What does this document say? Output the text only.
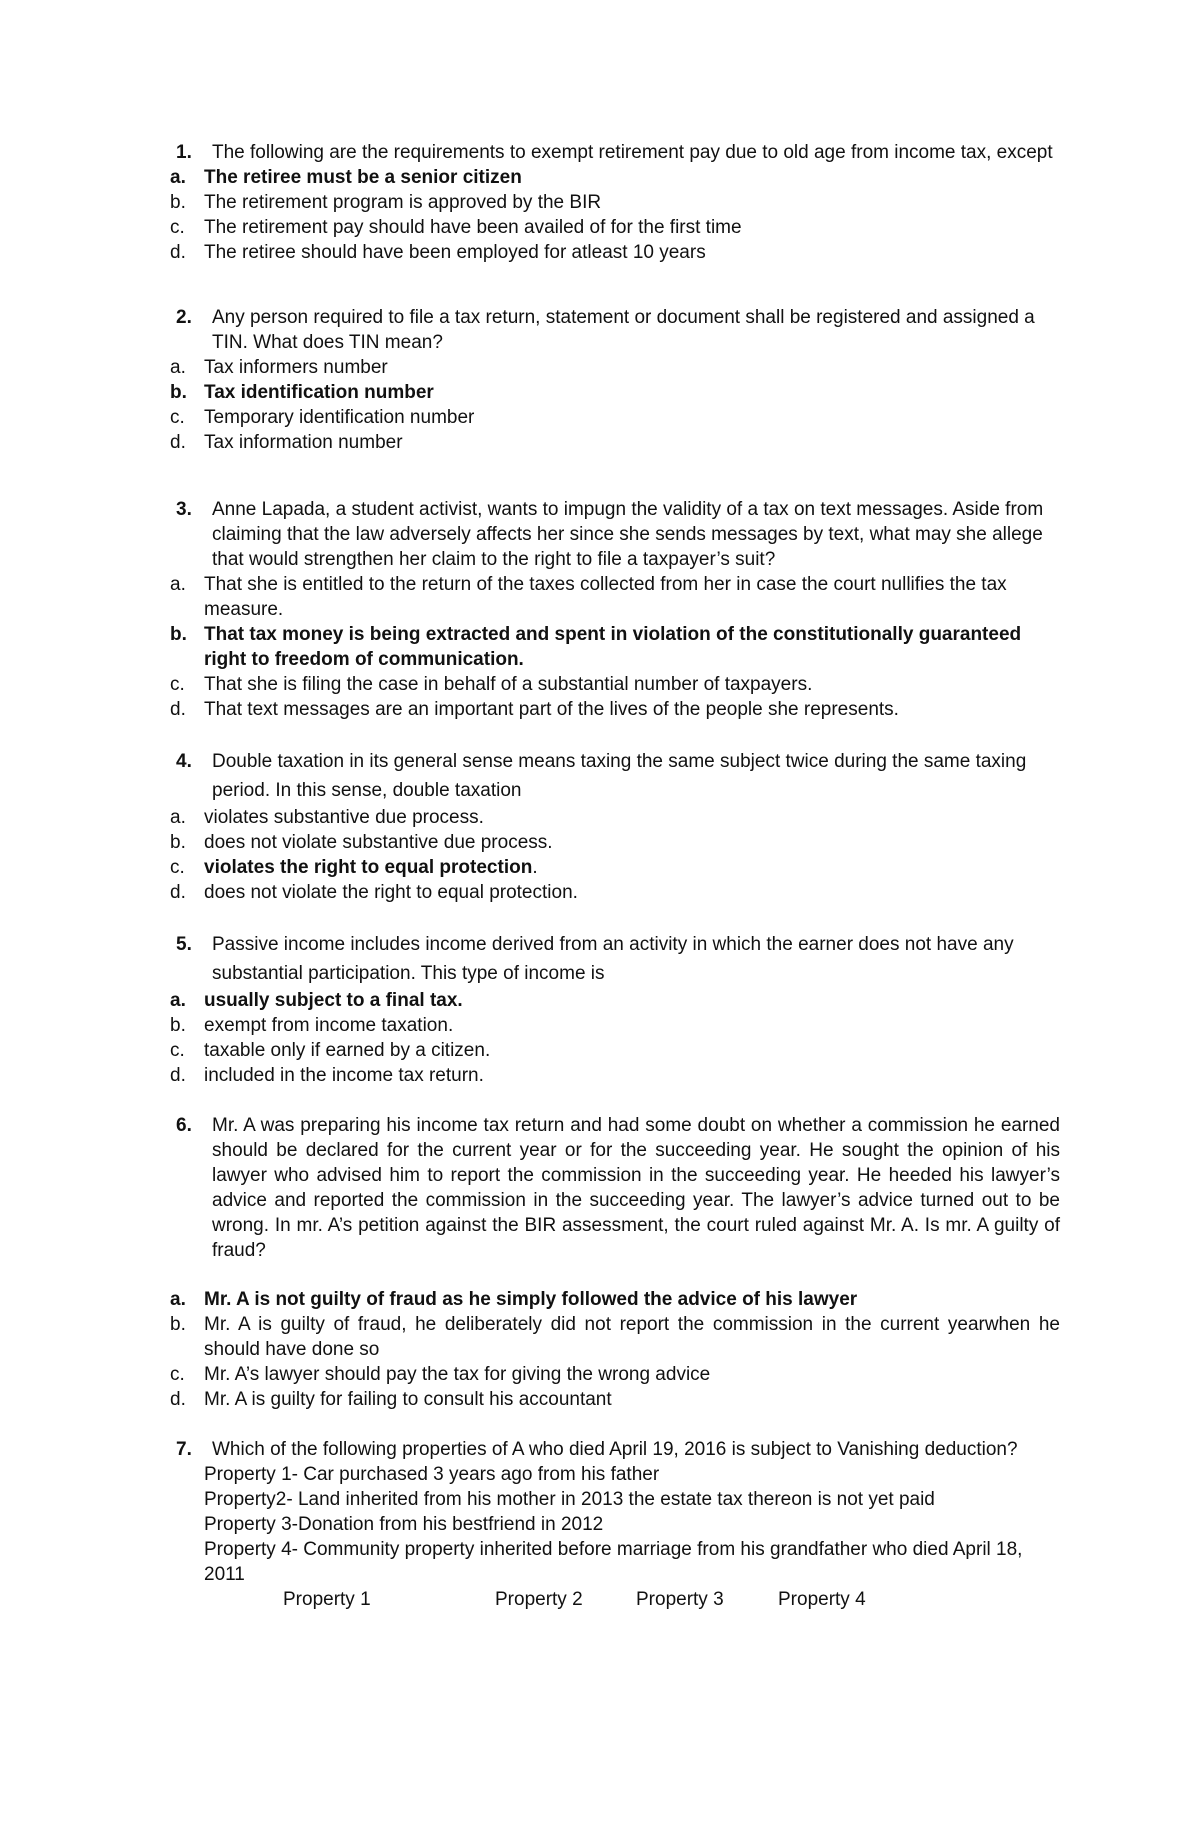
1. The following are the requirements to exempt retirement pay due to old age from income tax, except
a. The retiree must be a senior citizen
b. The retirement program is approved by the BIR
c. The retirement pay should have been availed of for the first time
d. The retiree should have been employed for atleast 10 years
2. Any person required to file a tax return, statement or document shall be registered and assigned a TIN. What does TIN mean?
a. Tax informers number
b. Tax identification number
c. Temporary identification number
d. Tax information number
3. Anne Lapada, a student activist, wants to impugn the validity of a tax on text messages. Aside from claiming that the law adversely affects her since she sends messages by text, what may she allege that would strengthen her claim to the right to file a taxpayer’s suit?
a. That she is entitled to the return of the taxes collected from her in case the court nullifies the tax measure.
b. That tax money is being extracted and spent in violation of the constitutionally guaranteed right to freedom of communication.
c. That she is filing the case in behalf of a substantial number of taxpayers.
d. That text messages are an important part of the lives of the people she represents.
4. Double taxation in its general sense means taxing the same subject twice during the same taxing period. In this sense, double taxation
a. violates substantive due process.
b. does not violate substantive due process.
c. violates the right to equal protection.
d. does not violate the right to equal protection.
5. Passive income includes income derived from an activity in which the earner does not have any substantial participation. This type of income is
a. usually subject to a final tax.
b. exempt from income taxation.
c. taxable only if earned by a citizen.
d. included in the income tax return.
6. Mr. A was preparing his income tax return and had some doubt on whether a commission he earned should be declared for the current year or for the succeeding year. He sought the opinion of his lawyer who advised him to report the commission in the succeeding year. He heeded his lawyer’s advice and reported the commission in the succeeding year. The lawyer’s advice turned out to be wrong. In mr. A’s petition against the BIR assessment, the court ruled against Mr. A. Is mr. A guilty of fraud?
a. Mr. A is not guilty of fraud as he simply followed the advice of his lawyer
b. Mr. A is guilty of fraud, he deliberately did not report the commission in the current yearwhen he should have done so
c. Mr. A’s lawyer should pay the tax for giving the wrong advice
d. Mr. A is guilty for failing to consult his accountant
7. Which of the following properties of A who died April 19, 2016 is subject to Vanishing deduction?
Property 1- Car purchased 3 years ago from his father
Property2- Land inherited from his mother in 2013 the estate tax thereon is not yet paid
Property 3-Donation from his bestfriend in 2012
Property 4- Community property inherited before marriage from his grandfather who died April 18, 2011
Property 1	Property 2	Property 3	Property 4
